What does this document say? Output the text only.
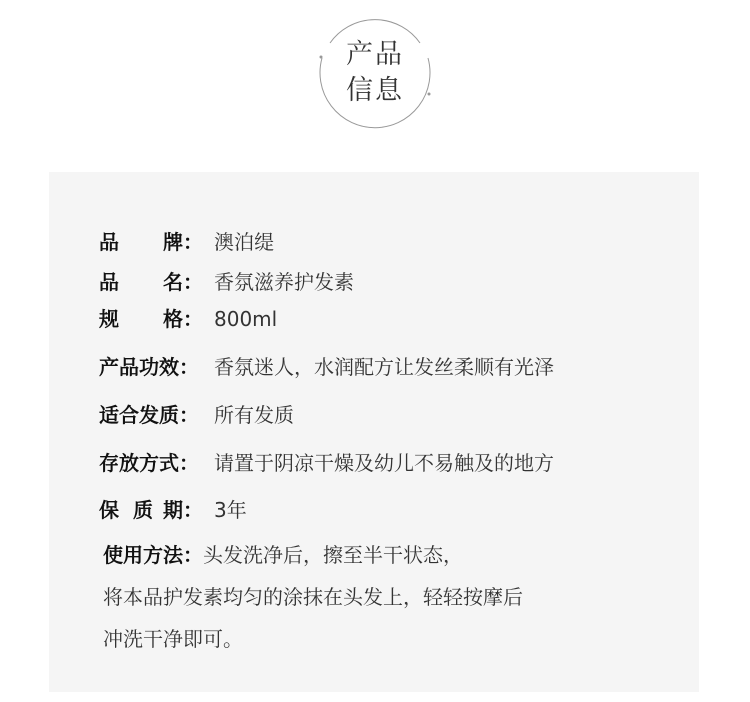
产品
信息
品 牌 ： 澳泊缇
品 名 ： 香氛滋养护发素
规 格 ： 800ml
产品功效： 香氛迷人，水润配方让发丝柔顺有光泽
适合发质： 所有发质
存放方式： 请置于阴凉干燥及幼儿不易触及的地方
保 质 期 ： 3年
使用方法：头发洗净后，擦至半干状态，
将本品护发素均匀的涂抹在头发上，轻轻按摩后
冲洗干净即可。
